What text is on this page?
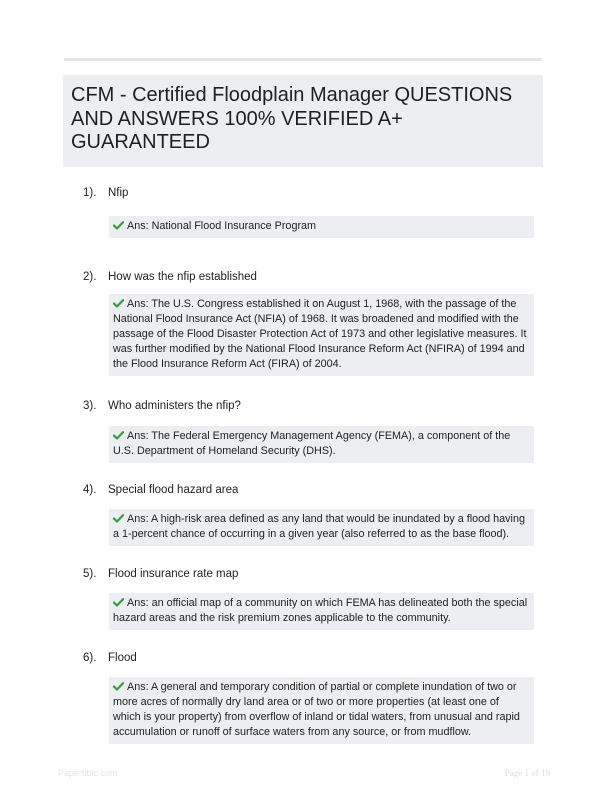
CFM - Certified Floodplain Manager QUESTIONS AND ANSWERS 100% VERIFIED A+ GUARANTEED
1). Nfip
Ans: National Flood Insurance Program
2). How was the nfip established
Ans: The U.S. Congress established it on August 1, 1968, with the passage of the National Flood Insurance Act (NFIA) of 1968. It was broadened and modified with the passage of the Flood Disaster Protection Act of 1973 and other legislative measures. It was further modified by the National Flood Insurance Reform Act (NFIRA) of 1994 and the Flood Insurance Reform Act (FIRA) of 2004.
3). Who administers the nfip?
Ans: The Federal Emergency Management Agency (FEMA), a component of the U.S. Department of Homeland Security (DHS).
4). Special flood hazard area
Ans: A high-risk area defined as any land that would be inundated by a flood having a 1-percent chance of occurring in a given year (also referred to as the base flood).
5). Flood insurance rate map
Ans: an official map of a community on which FEMA has delineated both the special hazard areas and the risk premium zones applicable to the community.
6). Flood
Ans: A general and temporary condition of partial or complete inundation of two or more acres of normally dry land area or of two or more properties (at least one of which is your property) from overflow of inland or tidal waters, from unusual and rapid accumulation or runoff of surface waters from any source, or from mudflow.
Papertibic.com	Page 1 of 19
